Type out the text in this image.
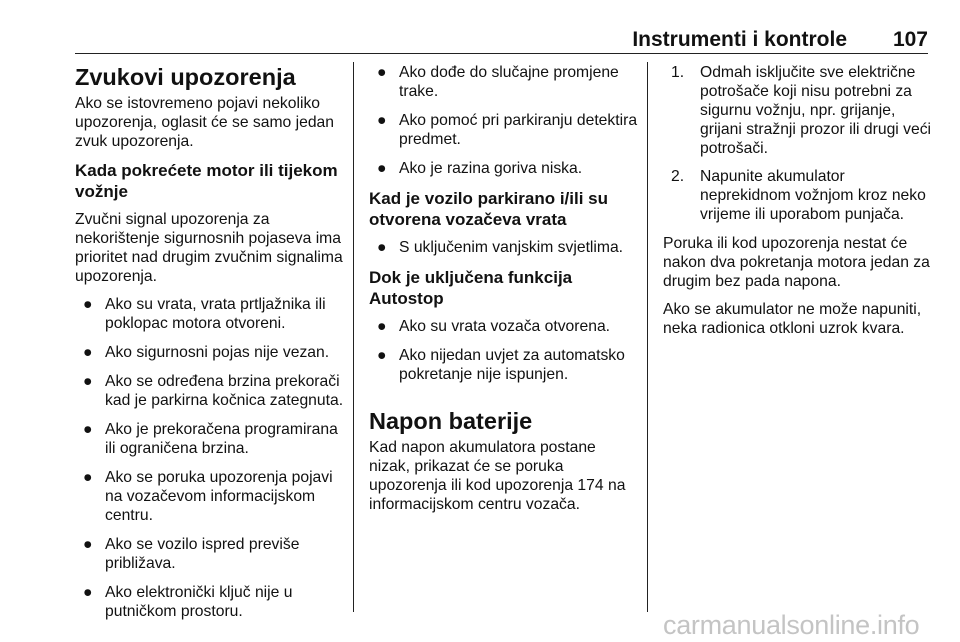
Instrumenti i kontrole	107
Zvukovi upozorenja

Ako se istovremeno pojavi nekoliko upozorenja, oglasit će se samo jedan zvuk upozorenja.

Kada pokrećete motor ili tijekom vožnje

Zvučni signal upozorenja za nekorištenje sigurnosnih pojaseva ima prioritet nad drugim zvučnim signalima upozorenja.

● Ako su vrata, vrata prtljažnika ili poklopac motora otvoreni.
● Ako sigurnosni pojas nije vezan.
● Ako se određena brzina prekorači kad je parkirna kočnica zategnuta.
● Ako je prekoračena programirana ili ograničena brzina.
● Ako se poruka upozorenja pojavi na vozačevom informacijskom centru.
● Ako se vozilo ispred previše približava.
● Ako elektronički ključ nije u putničkom prostoru.
● Ako dođe do slučajne promjene trake.
● Ako pomoć pri parkiranju detektira predmet.
● Ako je razina goriva niska.
Kad je vozilo parkirano i/ili su otvorena vozačeva vrata
● S uključenim vanjskim svjetlima.
Dok je uključena funkcija Autostop
● Ako su vrata vozača otvorena.
● Ako nijedan uvjet za automatsko pokretanje nije ispunjen.
Napon baterije

Kad napon akumulatora postane nizak, prikazat će se poruka upozorenja ili kod upozorenja 174 na informacijskom centru vozača.

1. Odmah isključite sve električne potrošače koji nisu potrebni za sigurnu vožnju, npr. grijanje, grijani stražnji prozor ili drugi veći potrošači.
2. Napunite akumulator neprekidnom vožnjom kroz neko vrijeme ili uporabom punjača.

Poruka ili kod upozorenja nestat će nakon dva pokretanja motora jedan za drugim bez pada napona.

Ako se akumulator ne može napuniti, neka radionica otkloni uzrok kvara.

carmanualsonline.info
